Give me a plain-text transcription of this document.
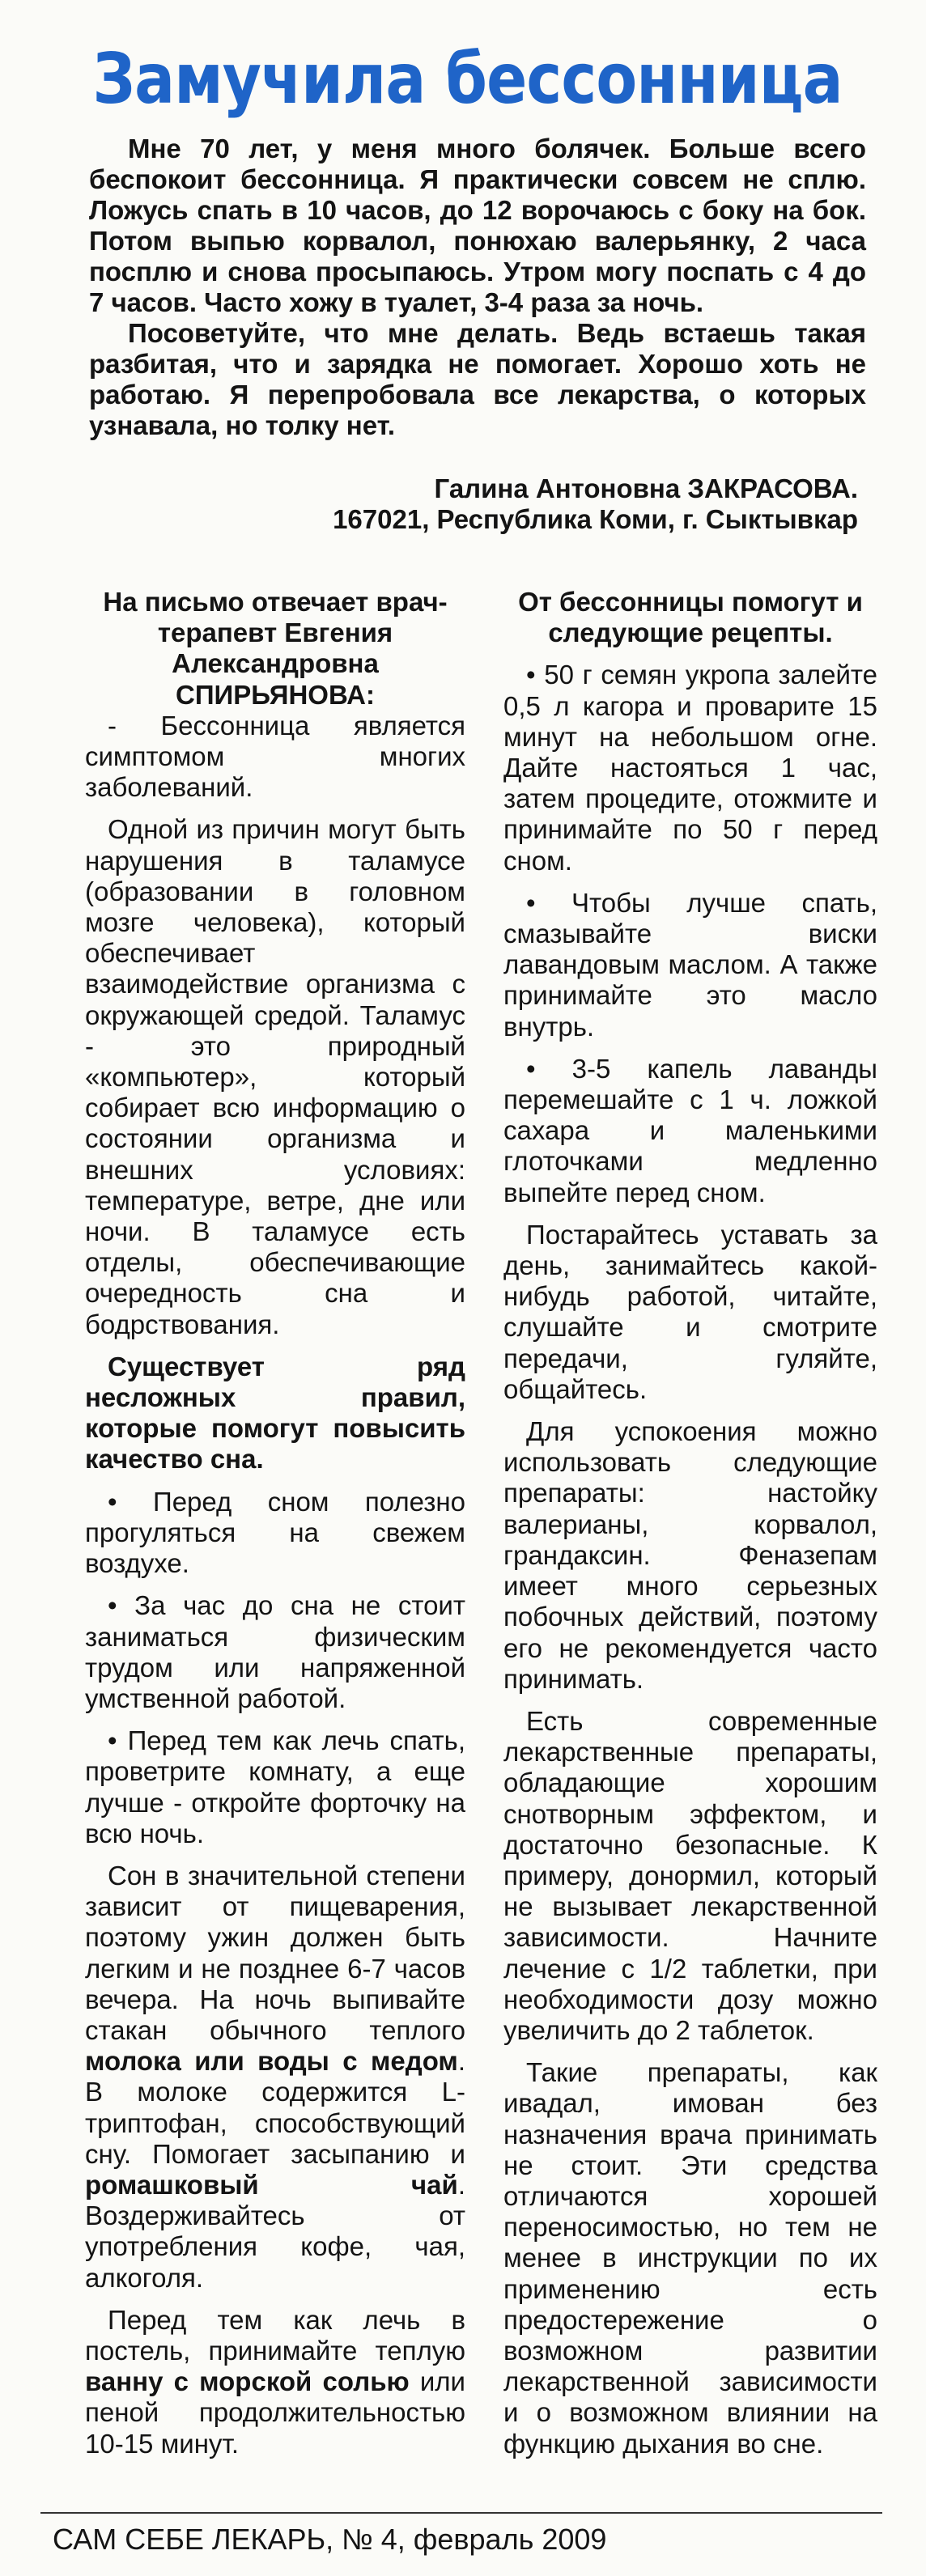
Замучила бессонница

Мне 70 лет, у меня много болячек. Больше всего беспокоит бессонница. Я практически совсем не сплю. Ложусь спать в 10 часов, до 12 ворочаюсь с боку на бок. Потом выпью корвалол, понюхаю валерьянку, 2 часа посплю и снова просыпаюсь. Утром могу поспать с 4 до 7 часов. Часто хожу в туалет, 3-4 раза за ночь.

Посоветуйте, что мне делать. Ведь встаешь такая разбитая, что и зарядка не помогает. Хорошо хоть не работаю. Я перепробовала все лекарства, о которых узнавала, но толку нет.

Галина Антоновна ЗАКРАСОВА.
167021, Республика Коми, г. Сыктывкар

На письмо отвечает врач-терапевт Евгения Александровна СПИРЬЯНОВА:

- Бессонница является симптомом многих заболеваний.

Одной из причин могут быть нарушения в таламусе (образовании в головном мозге человека), который обеспечивает взаимодействие организма с окружающей средой. Таламус - это природный «компьютер», который собирает всю информацию о состоянии организма и внешних условиях: температуре, ветре, дне или ночи. В таламусе есть отделы, обеспечивающие очередность сна и бодрствования.

Существует ряд несложных правил, которые помогут повысить качество сна.

• Перед сном полезно прогуляться на свежем воздухе.

• За час до сна не стоит заниматься физическим трудом или напряженной умственной работой.

• Перед тем как лечь спать, проветрите комнату, а еще лучше - откройте форточку на всю ночь.

Сон в значительной степени зависит от пищеварения, поэтому ужин должен быть легким и не позднее 6-7 часов вечера. На ночь выпивайте стакан обычного теплого молока или воды с медом. В молоке содержится L-триптофан, способствующий сну. Помогает засыпанию и ромашковый чай. Воздерживайтесь от употребления кофе, чая, алкоголя.

Перед тем как лечь в постель, принимайте теплую ванну с морской солью или пеной продолжительностью 10-15 минут.

От бессонницы помогут и следующие рецепты.

• 50 г семян укропа залейте 0,5 л кагора и проварите 15 минут на небольшом огне. Дайте настояться 1 час, затем процедите, отожмите и принимайте по 50 г перед сном.

• Чтобы лучше спать, смазывайте виски лавандовым маслом. А также принимайте это масло внутрь.

• 3-5 капель лаванды перемешайте с 1 ч. ложкой сахара и маленькими глоточками медленно выпейте перед сном.

Постарайтесь уставать за день, занимайтесь какой-нибудь работой, читайте, слушайте и смотрите передачи, гуляйте, общайтесь.

Для успокоения можно использовать следующие препараты: настойку валерианы, корвалол, грандаксин. Феназепам имеет много серьезных побочных действий, поэтому его не рекомендуется часто принимать.

Есть современные лекарственные препараты, обладающие хорошим снотворным эффектом, и достаточно безопасные. К примеру, донормил, который не вызывает лекарственной зависимости. Начните лечение с 1/2 таблетки, при необходимости дозу можно увеличить до 2 таблеток.

Такие препараты, как ивадал, имован без назначения врача принимать не стоит. Эти средства отличаются хорошей переносимостью, но тем не менее в инструкции по их применению есть предостережение о возможном развитии лекарственной зависимости и о возможном влиянии на функцию дыхания во сне.

САМ СЕБЕ ЛЕКАРЬ, № 4, февраль 2009
